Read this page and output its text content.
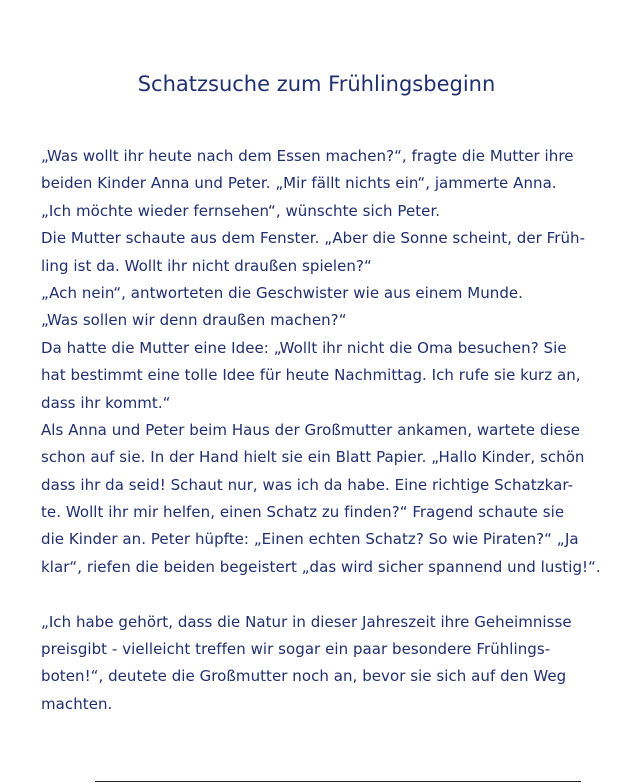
Schatzsuche zum Frühlingsbeginn
„Was wollt ihr heute nach dem Essen machen?“, fragte die Mutter ihre
beiden Kinder Anna und Peter. „Mir fällt nichts ein“, jammerte Anna.
„Ich möchte wieder fernsehen“, wünschte sich Peter.
Die Mutter schaute aus dem Fenster. „Aber die Sonne scheint, der Früh-
ling ist da. Wollt ihr nicht draußen spielen?“
„Ach nein“, antworteten die Geschwister wie aus einem Munde.
„Was sollen wir denn draußen machen?“
Da hatte die Mutter eine Idee: „Wollt ihr nicht die Oma besuchen? Sie
hat bestimmt eine tolle Idee für heute Nachmittag. Ich rufe sie kurz an,
dass ihr kommt.“
Als Anna und Peter beim Haus der Großmutter ankamen, wartete diese
schon auf sie. In der Hand hielt sie ein Blatt Papier. „Hallo Kinder, schön
dass ihr da seid! Schaut nur, was ich da habe. Eine richtige Schatzkar-
te. Wollt ihr mir helfen, einen Schatz zu finden?“ Fragend schaute sie
die Kinder an. Peter hüpfte: „Einen echten Schatz? So wie Piraten?“ „Ja
klar“, riefen die beiden begeistert „das wird sicher spannend und lustig!“.
„Ich habe gehört, dass die Natur in dieser Jahreszeit ihre Geheimnisse
preisgibt - vielleicht treffen wir sogar ein paar besondere Frühlings-
boten!“, deutete die Großmutter noch an, bevor sie sich auf den Weg
machten.
